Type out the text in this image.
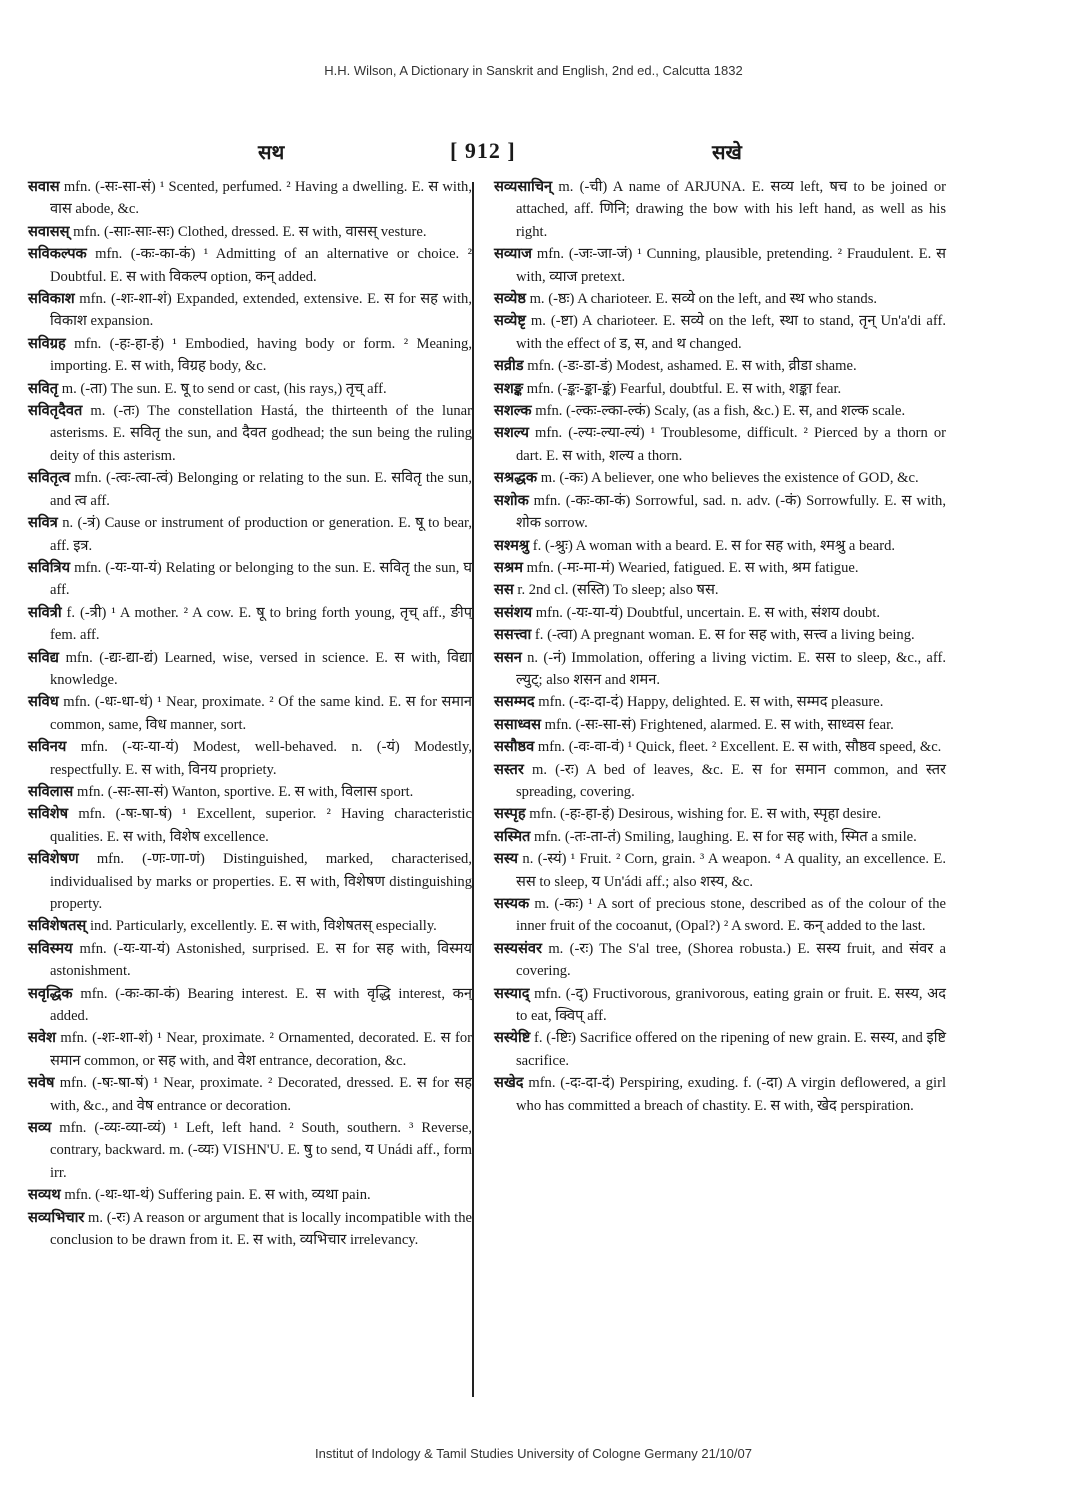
H.H. Wilson, A Dictionary in Sanskrit and English, 2nd ed., Calcutta 1832
सथ	[ 912 ]	सखे

सवास mfn. (-सः-सा-सं) ¹ Scented, perfumed. ² Having a dwelling. E. स with, वास abode, &c.

सवासस् mfn. (-साः-साः-सः) Clothed, dressed. E. स with, वासस् vesture.

सविकल्पक mfn. (-कः-का-कं) ¹ Admitting of an alternative or choice. ² Doubtful. E. स with विकल्प option, कन् added.

सविकाश mfn. (-शः-शा-शं) Expanded, extended, extensive. E. स for सह with, विकाश expansion.

सविग्रह mfn. (-हः-हा-हं) ¹ Embodied, having body or form. ² Meaning, importing. E. स with, विग्रह body, &c.

सवितृ m. (-ता) The sun. E. षू to send or cast, (his rays,) तृच् aff.

सवितृदैवत m. (-तः) The constellation Hastá, the thirteenth of the lunar asterisms. E. सवितृ the sun, and दैवत godhead; the sun being the ruling deity of this asterism.

सवितृत्व mfn. (-त्वः-त्वा-त्वं) Belonging or relating to the sun. E. सवितृ the sun, and त्व aff.

सवित्र n. (-त्रं) Cause or instrument of production or generation. E. षू to bear, aff. इत्र.

सवित्रिय mfn. (-यः-या-यं) Relating or belonging to the sun. E. सवितृ the sun, घ aff.

सवित्री f. (-त्री) ¹ A mother. ² A cow. E. षू to bring forth young, तृच् aff., ङीप् fem. aff.

सविद्य mfn. (-द्यः-द्या-द्यं) Learned, wise, versed in science. E. स with, विद्या knowledge.

सविध mfn. (-धः-धा-धं) ¹ Near, proximate. ² Of the same kind. E. स for समान common, same, विध manner, sort.

सविनय mfn. (-यः-या-यं) Modest, well-behaved. n. (-यं) Modestly, respectfully. E. स with, विनय propriety.

सविलास mfn. (-सः-सा-सं) Wanton, sportive. E. स with, विलास sport.

सविशेष mfn. (-षः-षा-षं) ¹ Excellent, superior. ² Having characteristic qualities. E. स with, विशेष excellence.

सविशेषण mfn. (-णः-णा-णं) Distinguished, marked, characterised, individualised by marks or properties. E. स with, विशेषण distinguishing property.

सविशेषतस् ind. Particularly, excellently. E. स with, विशेषतस् especially.

सविस्मय mfn. (-यः-या-यं) Astonished, surprised. E. स for सह with, विस्मय astonishment.

सवृद्धिक mfn. (-कः-का-कं) Bearing interest. E. स with वृद्धि interest, कन् added.

सवेश mfn. (-शः-शा-शं) ¹ Near, proximate. ² Ornamented, decorated. E. स for समान common, or सह with, and वेश entrance, decoration, &c.

सवेष mfn. (-षः-षा-षं) ¹ Near, proximate. ² Decorated, dressed. E. स for सह with, &c., and वेष entrance or decoration.

सव्य mfn. (-व्यः-व्या-व्यं) ¹ Left, left hand. ² South, southern. ³ Reverse, contrary, backward. m. (-व्यः) VISHN'U. E. षु to send, य Unádi aff., form irr.

सव्यथ mfn. (-थः-था-थं) Suffering pain. E. स with, व्यथा pain.

सव्यभिचार m. (-रः) A reason or argument that is locally incompatible with the conclusion to be drawn from it. E. स with, व्यभिचार irrelevancy.

सव्यसाचिन् m. (-ची) A name of ARJUNA. E. सव्य left, षच to be joined or attached, aff. णिनि; drawing the bow with his left hand, as well as his right.

सव्याज mfn. (-जः-जा-जं) ¹ Cunning, plausible, pretending. ² Fraudulent. E. स with, व्याज pretext.

सव्येष्ठ m. (-ष्ठः) A charioteer. E. सव्ये on the left, and स्थ who stands.

सव्येष्टृ m. (-ष्टा) A charioteer. E. सव्ये on the left, स्था to stand, तृन् Un'a'di aff. with the effect of ड, स, and थ changed.

सव्रीड mfn. (-डः-डा-डं) Modest, ashamed. E. स with, व्रीडा shame.

सशङ्क mfn. (-ङ्कः-ङ्का-ङ्कं) Fearful, doubtful. E. स with, शङ्का fear.

सशल्क mfn. (-ल्कः-ल्का-ल्कं) Scaly, (as a fish, &c.) E. स, and शल्क scale.

सशल्य mfn. (-ल्यः-ल्या-ल्यं) ¹ Troublesome, difficult. ² Pierced by a thorn or dart. E. स with, शल्य a thorn.

सश्रद्धक m. (-कः) A believer, one who believes the existence of GOD, &c.

सशोक mfn. (-कः-का-कं) Sorrowful, sad. n. adv. (-कं) Sorrowfully. E. स with, शोक sorrow.

सश्मश्रु f. (-श्रुः) A woman with a beard. E. स for सह with, श्मश्रु a beard.

सश्रम mfn. (-मः-मा-मं) Wearied, fatigued. E. स with, श्रम fatigue.

सस r. 2nd cl. (सस्ति) To sleep; also षस.

ससंशय mfn. (-यः-या-यं) Doubtful, uncertain. E. स with, संशय doubt.

ससत्त्वा f. (-त्वा) A pregnant woman. E. स for सह with, सत्त्व a living being.

ससन n. (-नं) Immolation, offering a living victim. E. सस to sleep, &c., aff. ल्युट्; also शसन and शमन.

ससम्मद mfn. (-दः-दा-दं) Happy, delighted. E. स with, सम्मद pleasure.

ससाध्वस mfn. (-सः-सा-सं) Frightened, alarmed. E. स with, साध्वस fear.

ससौष्ठव mfn. (-वः-वा-वं) ¹ Quick, fleet. ² Excellent. E. स with, सौष्ठव speed, &c.

सस्तर m. (-रः) A bed of leaves, &c. E. स for समान common, and स्तर spreading, covering.

सस्पृह mfn. (-हः-हा-हं) Desirous, wishing for. E. स with, स्पृहा desire.

सस्मित mfn. (-तः-ता-तं) Smiling, laughing. E. स for सह with, स्मित a smile.

सस्य n. (-स्यं) ¹ Fruit. ² Corn, grain. ³ A weapon. ⁴ A quality, an excellence. E. सस to sleep, य Un'ádi aff.; also शस्य, &c.

सस्यक m. (-कः) ¹ A sort of precious stone, described as of the colour of the inner fruit of the cocoanut, (Opal?) ² A sword. E. कन् added to the last.

सस्यसंवर m. (-रः) The S'al tree, (Shorea robusta.) E. सस्य fruit, and संवर a covering.

सस्याद् mfn. (-द्) Fructivorous, granivorous, eating grain or fruit. E. सस्य, अद to eat, क्विप् aff.

सस्येष्टि f. (-ष्टिः) Sacrifice offered on the ripening of new grain. E. सस्य, and इष्टि sacrifice.

सखेद mfn. (-दः-दा-दं) Perspiring, exuding. f. (-दा) A virgin deflowered, a girl who has committed a breach of chastity. E. स with, खेद perspiration.

Institut of Indology & Tamil Studies University of Cologne Germany 21/10/07
